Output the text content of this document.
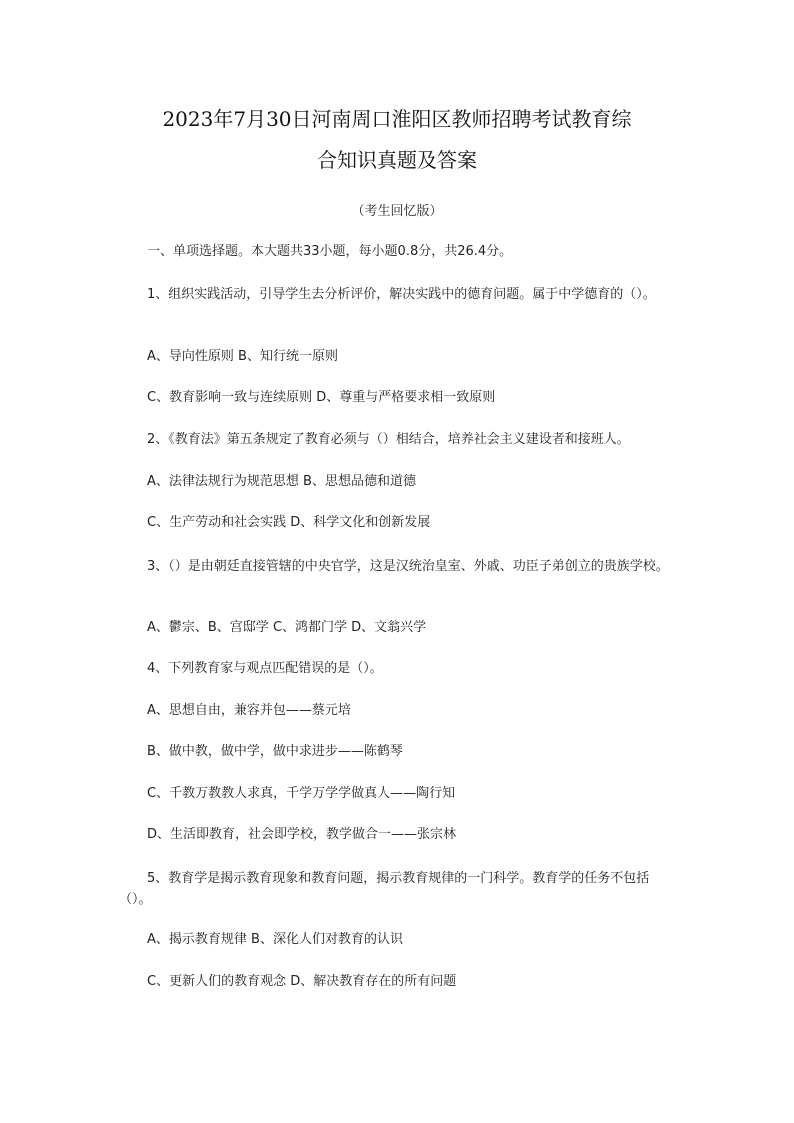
2023年7月30日河南周口淮阳区教师招聘考试教育综
合知识真题及答案
（考生回忆版）
一、单项选择题。本大题共33小题，每小题0.8分，共26.4分。
1、组织实践活动，引导学生去分析评价，解决实践中的德育问题。属于中学德育的（）。
A、导向性原则 B、知行统一原则
C、教育影响一致与连续原则 D、尊重与严格要求相一致原则
2、《教育法》第五条规定了教育必须与（）相结合，培养社会主义建设者和接班人。
A、法律法规行为规范思想 B、思想品德和道德
C、生产劳动和社会实践 D、科学文化和创新发展
3、（）是由朝廷直接管辖的中央官学，这是汉统治皇室、外戚、功臣子弟创立的贵族学校。
A、鬱宗、B、宫邸学 C、鸿都门学 D、文翁兴学
4、下列教育家与观点匹配错误的是（）。
A、思想自由，兼容并包——蔡元培
B、做中教，做中学，做中求进步——陈鹤琴
C、千教万教教人求真，千学万学学做真人——陶行知
D、生活即教育，社会即学校，教学做合一——张宗林
5、教育学是揭示教育现象和教育问题，揭示教育规律的一门科学。教育学的任务不包括（）。
A、揭示教育规律 B、深化人们对教育的认识
C、更新人们的教育观念 D、解决教育存在的所有问题
